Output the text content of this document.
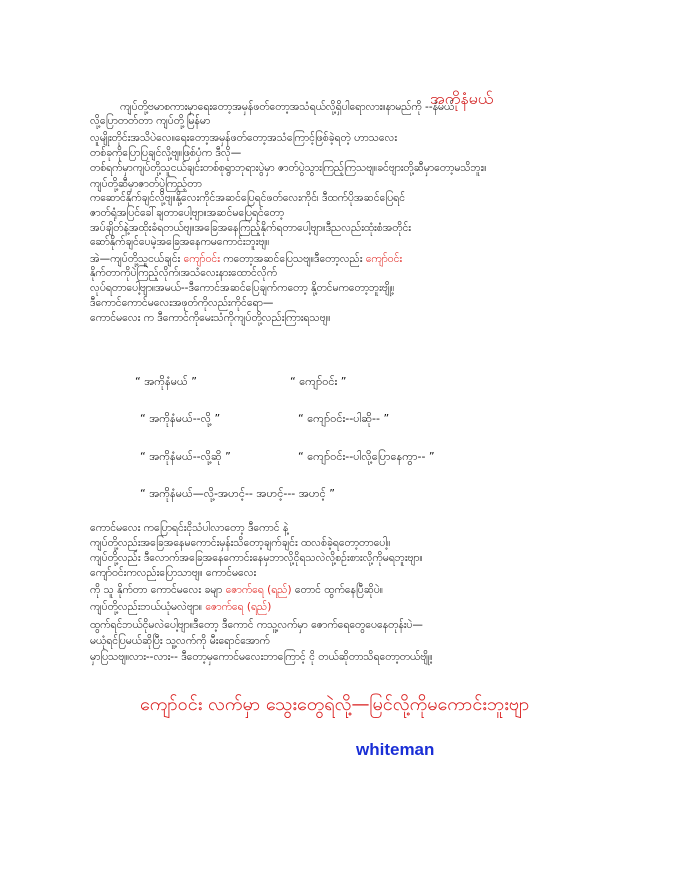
အကိုနံမယ်
ကျပ်တို့ဗမာစကားမှာရေးတော့အမှန်ဖတ်တော့အသံရယ်လို့ရှိပါရောလား။နာမည်ကို --နံမယ်
လို့ပြောတတ်တာ ကျပ်တို့မြန်မာ
လူမျိုးတိုင်းအသိပဲလေ။ရေးတော့အမှန်ဖတ်တော့အသံကြောင့်ဖြစ်ခဲ့ရတဲ့ ဟာသလေး
တစ်ခုကိုပြောပြချင်လို့ဗျ။ဖြစ်ပုံက ဒီလို—
တစ်ရက်မှာကျပ်တို့သူငယ်ချင်းတစ်စုရွာဘုရားပွဲမှာ ဇာတ်ပွဲသွားကြည့်ကြသဗျ။ခင်ဗျားတို့ဆီမှာတော့မသိဘူး။
ကျပ်တို့ဆီမှာဇာတ်ပွဲကြည့်တာ
ကဆောင်နိုက်ချင်လို့ဗျ။နို့လေးကိုင်အဆင်ပြေရင်ဖတ်လေးကိုင်၊ ဒီထက်ပိုအဆင်ပြေရင်
ဇာတ်ရုံအပြင်ခေါ်ချတာပေါ့ဗျာ။အဆင်မပြေရင်တော့
အပ်ချိတ်နဲ့အထိုးခံရတယ်ဗျ။အခြေအနေကြည့်နိုက်ရတာပေါ့ဗျာ။ဒီညလည်းထုံးစံအတိုင်း
ဆော်နိုက်ချင်ပေမဲ့အခြေအနေကမကောင်းဘူးဗျ။
အဲ—ကျပ်တို့သူငယ်ချင်း ကျော်ဝင်း ကတော့အဆင်ပြေသဗျ။ဒီတော့လည်း ကျော်ဝင်း
နိုက်တာကိုပဲကြည့်လိုက်၊အသံလေးနားထောင်လိုက်
လုပ်ရတာပေါ့ဗျာ။အမယ်--ဒီကောင်အဆင်ပြေချက်ကတော့ နို့တင်မကတော့ဘူးဗျို့။
ဒီကောင်ကောင်မလေးအဖုတ်ကိုလည်းကိုင်ရော—
ကောင်မလေး က ဒီကောင်ကိုမေးသံကိုကျပ်တို့လည်းကြားရသဗျ။
“ အကိုနံမယ် ”	“ ကျော်ဝင်း ”
“ အကိုနံမယ်--လို့ ”	“ ကျော်ဝင်း--ပါဆို-- ”
“ အကိုနံမယ်--လို့ဆို ”	“ ကျော်ဝင်း--ပါလို့ပြောနေကွာ-- ”
“ အကိုနံမယ်—လို့-အဟင့်-- အဟင့်--- အဟင့် ”
ကောင်မလေး ကပြောရင်းငိုသံပါလာတော့ ဒီကောင် နဲ့
ကျပ်တို့လည်းအခြေအနေမကောင်းမှန်းသိတော့ချက်ချင်း ထလစ်ခဲ့ရတော့တာပေါ့။
ကျပ်တို့လည်း ဒီလောက်အခြေအနေကောင်းနေမှဘာလို့ငိုရသလဲလို့စဉ်းစားလို့ကိုမရဘူးဗျာ။
ကျော်ဝင်းကလည်းပြောသာဗျ။ ကောင်မလေး
ကို သူ နိုက်တာ ကောင်မလေး ခမျာ ဇောက်ရေ (ရည်) တောင် ထွက်နေပြီဆိုပဲ။
ကျပ်တို့လည်းဘယ်ယုံမလဲဗျာ။ ဇောက်ရေ (ရည်)
ထွက်ရင်ဘယ်ငိုမလဲပေါ့ဗျာ။ဒီတော့ ဒီကောင် ကသူ့လက်မှာ ဇောက်ရေတွေပေနေတုန်းပဲ—
မယုံရင်ပြမယ်ဆိုပြီး သူ့လက်ကို မီးရောင်အောက်
မှာပြသဗျ။လား--လား-- ဒီတော့မှကောင်မလေးဘာကြောင့် ငို တယ်ဆိုတာသိရတော့တယ်ဗျို့။
ကျော်ဝင်း လက်မှာ သွေးတွေရဲလို့—မြင်လို့ကိုမကောင်းဘူးဗျာ
whiteman
